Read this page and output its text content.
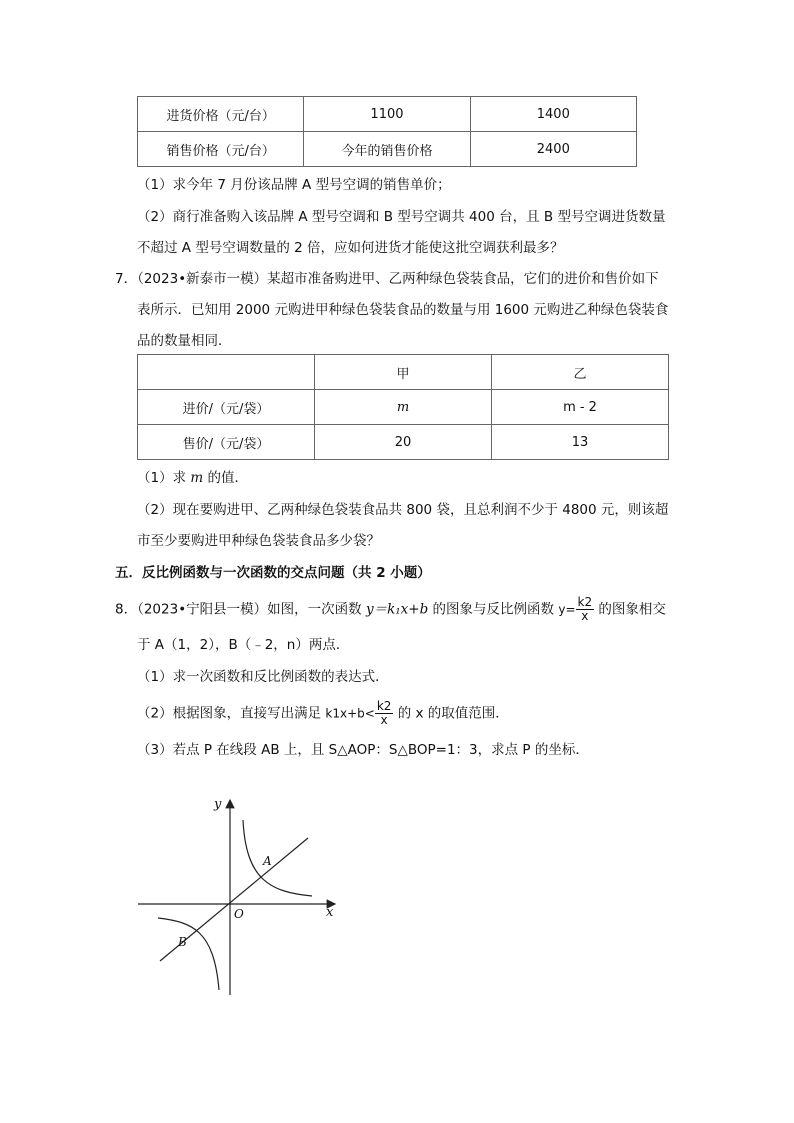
进货价格（元/台）	1100	1400
销售价格（元/台）	今年的销售价格	2400
（1）求今年 7 月份该品牌 A 型号空调的销售单价；
（2）商行准备购入该品牌 A 型号空调和 B 型号空调共 400 台，且 B 型号空调进货数量
不超过 A 型号空调数量的 2 倍，应如何进货才能使这批空调获利最多？
7．（2023•新泰市一模）某超市准备购进甲、乙两种绿色袋装食品，它们的进价和售价如下
表所示．已知用 2000 元购进甲种绿色袋装食品的数量与用 1600 元购进乙种绿色袋装食
品的数量相同．
	甲	乙
进价/（元/袋）	m	m - 2
售价/（元/袋）	20	13
（1）求 m 的值．
（2）现在要购进甲、乙两种绿色袋装食品共 800 袋，且总利润不少于 4800 元，则该超
市至少要购进甲种绿色袋装食品多少袋？
五．反比例函数与一次函数的交点问题（共 2 小题）
8．（2023•宁阳县一模）如图，一次函数 y＝k₁x+b 的图象与反比例函数 $y= \frac{k2}{x}$ 的图象相交
于 A（1，2），B（﹣2，n）两点．
（1）求一次函数和反比例函数的表达式．
（2）根据图象，直接写出满足 $k1x+b< \frac{k2}{x}$ 的 x 的取值范围．
（3）若点 P 在线段 AB 上，且 S△AOP：S△BOP=1：3，求点 P 的坐标．
y
x
O
A
B
